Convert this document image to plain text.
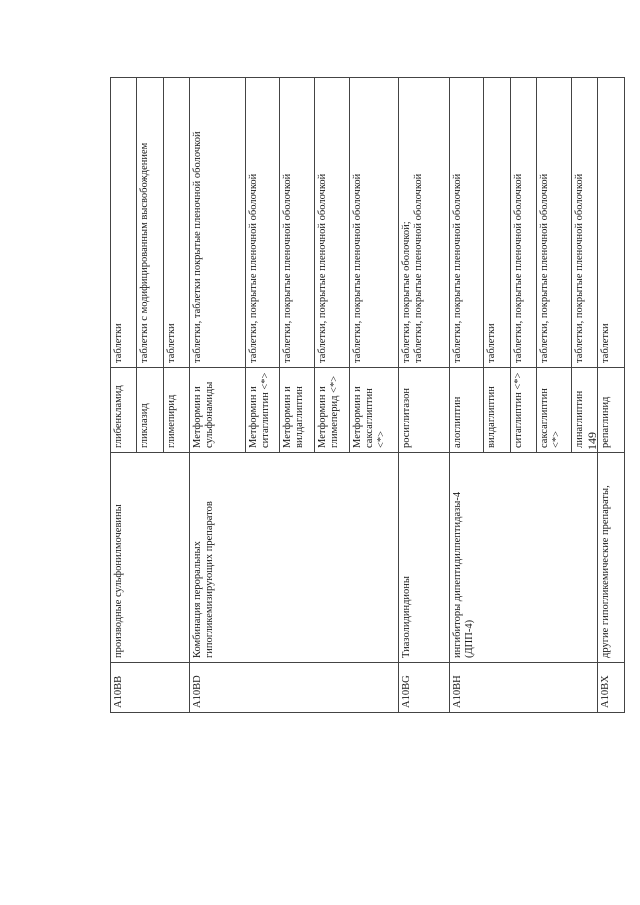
A10BB	производные сульфонилмочевины	глибенкламид	таблетки
		гликлазид	таблетки с модифицированным высвобождением
		глимепирид	таблетки
A10BD	Комбинация пероральных гипогликемизирующих препаратов	Метформин и сульфонамиды	таблетки, таблетки покрытые пленочной оболочкой
		Метформин и ситаглиптин <*>	таблетки, покрытые пленочной оболочкой
		Метформин и вилдаглиптин	таблетки, покрытые пленочной оболочкой
		Метформин и глимеперид <*>	таблетки, покрытые пленочной оболочкой
		Метформин и саксаглиптин <*>	таблетки, покрытые пленочной оболочкой
A10BG	Тиазолидиндионы	росиглитазон	таблетки, покрытые оболочкой;
таблетки, покрытые пленочной оболочкой
A10BH	ингибиторы дипептидилпептидазы-4 (ДПП-4)	алоглиптин	таблетки, покрытые пленочной оболочкой
		вилдаглиптин	таблетки
		ситаглиптин <*>	таблетки, покрытые пленочной оболочкой
		саксаглиптин <*>	таблетки, покрытые пленочной оболочкой
		линаглиптин	таблетки, покрытые пленочной оболочкой
A10BX	другие гипогликемические препараты,	репаглинид	таблетки
149
